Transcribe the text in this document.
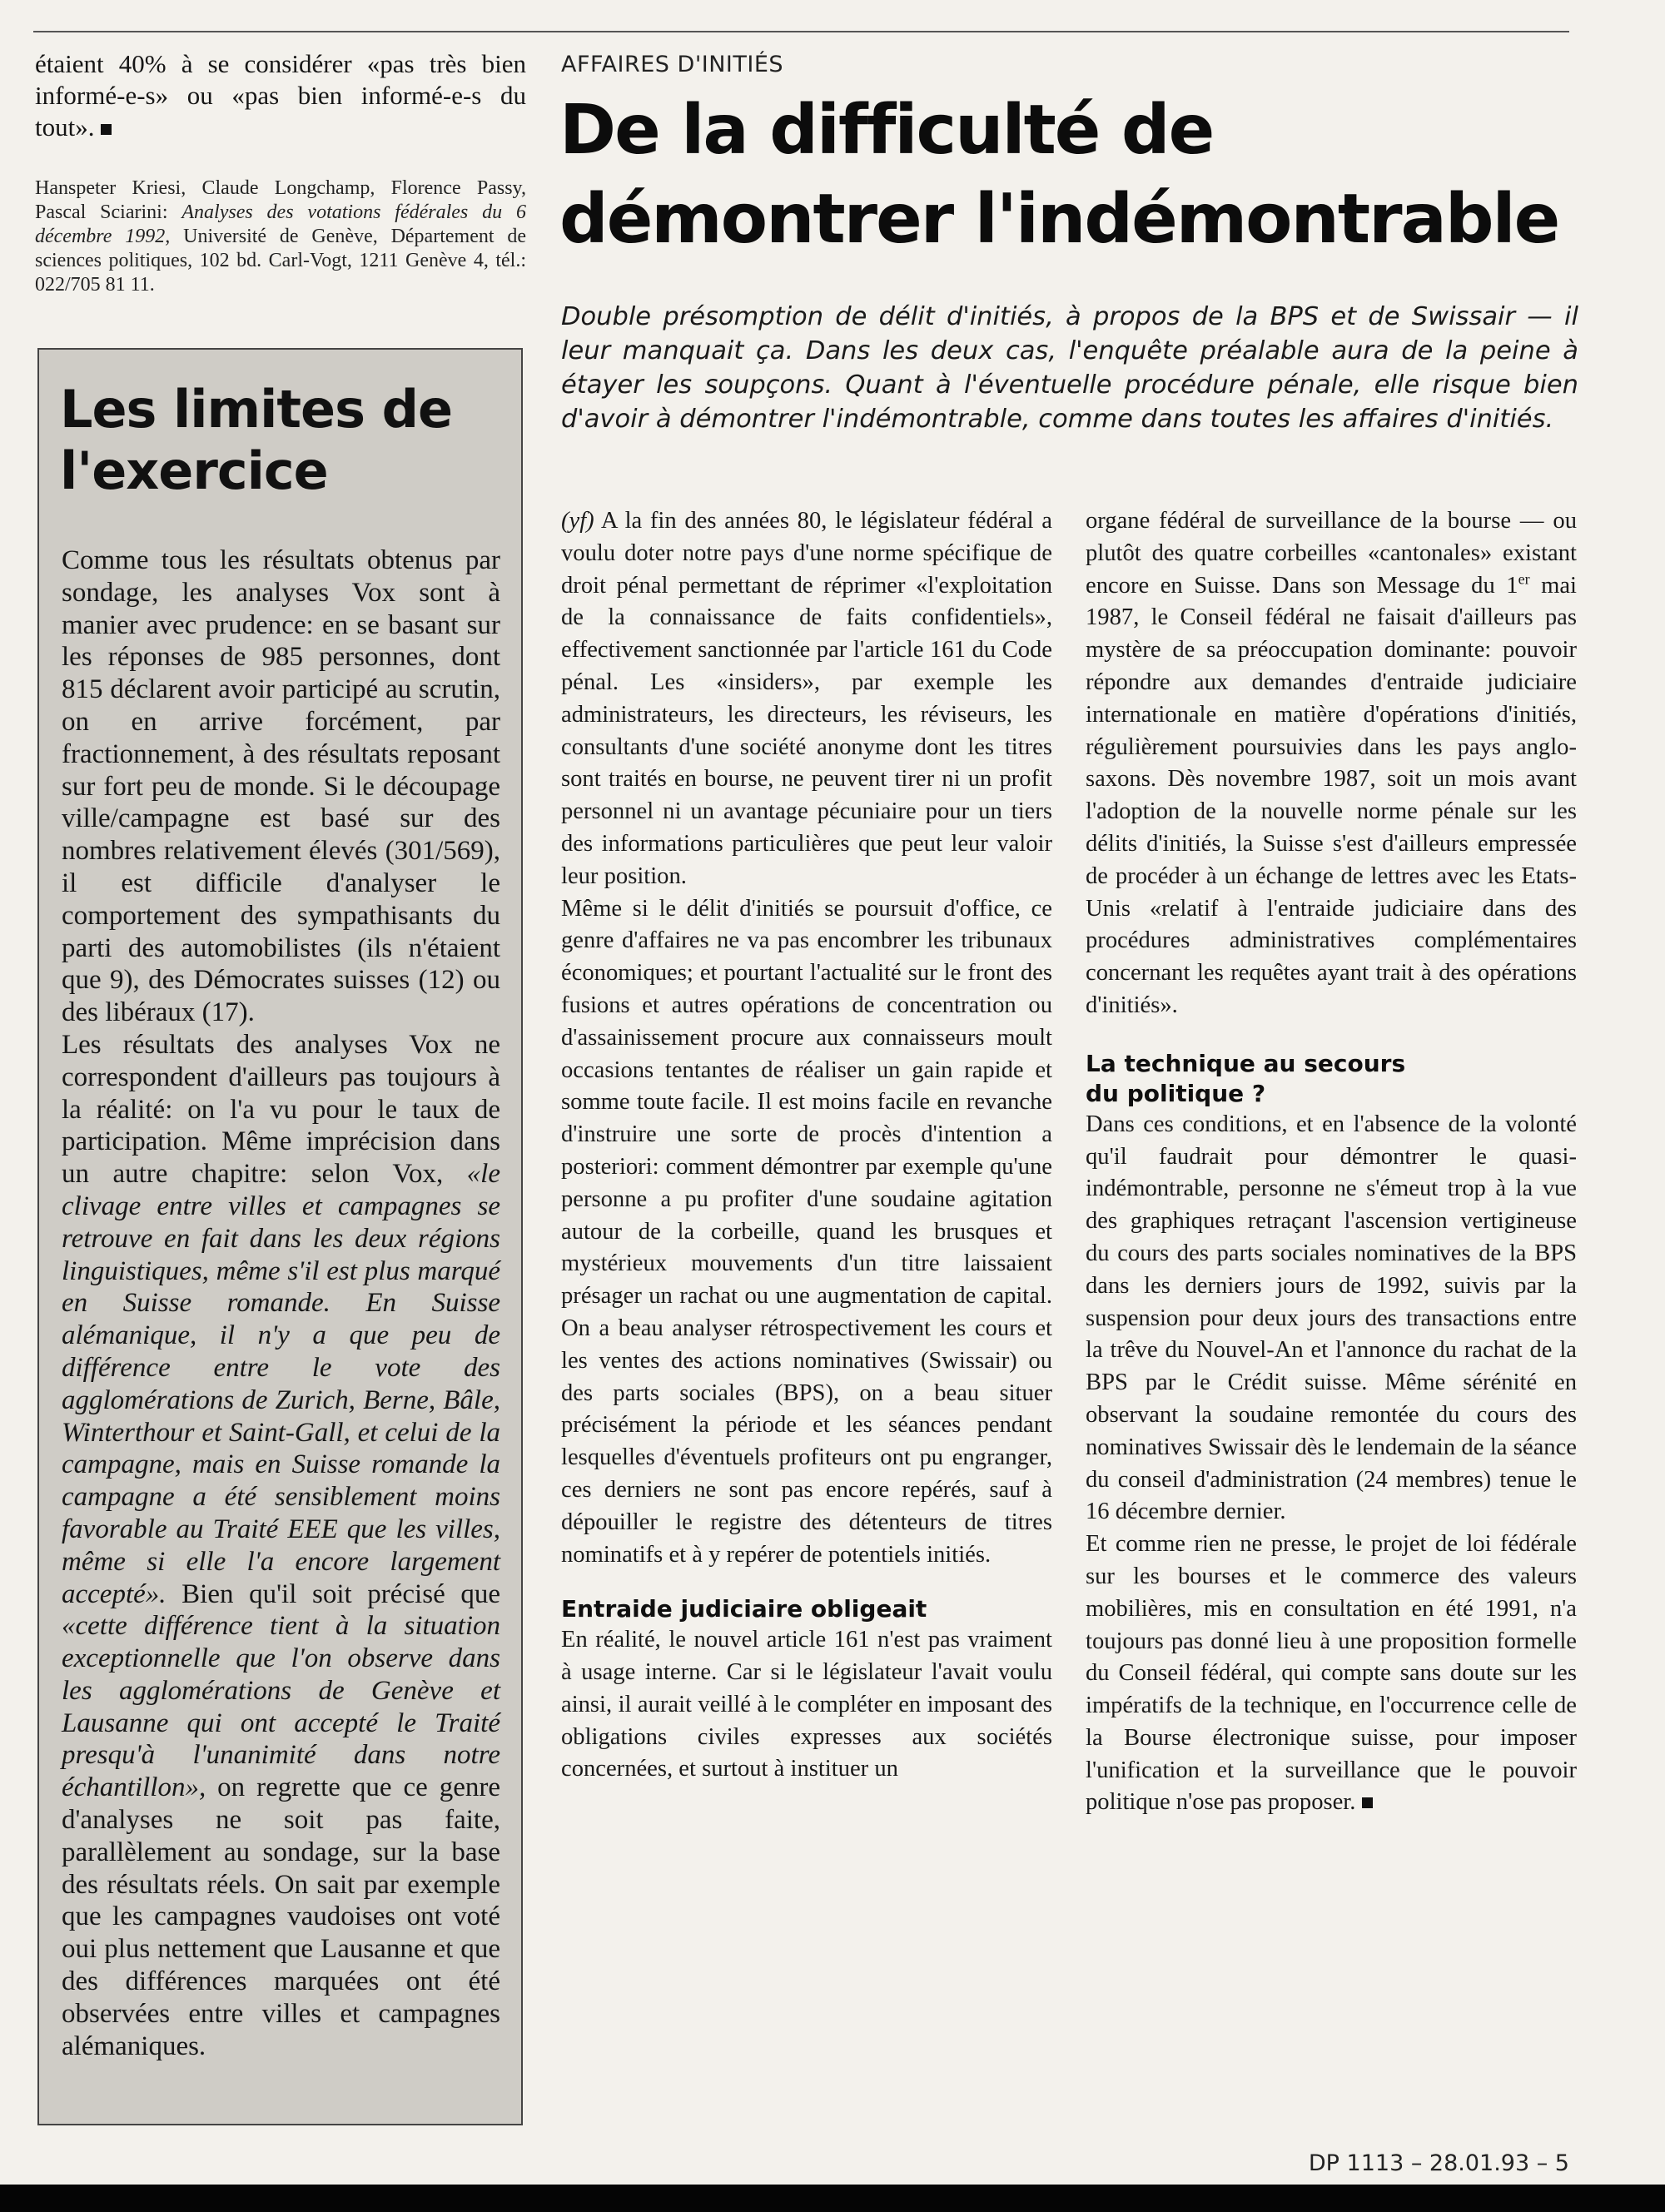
étaient 40% à se considérer «pas très bien informé-e-s» ou «pas bien informé-e-s du tout».
Hanspeter Kriesi, Claude Longchamp, Florence Passy, Pascal Sciarini: Analyses des votations fédérales du 6 décembre 1992, Université de Genève, Département de sciences politiques, 102 bd. Carl-Vogt, 1211 Genève 4, tél.: 022/705 81 11.
Les limites de l'exercice

Comme tous les résultats obtenus par sondage, les analyses Vox sont à manier avec prudence: en se basant sur les réponses de 985 personnes, dont 815 déclarent avoir participé au scrutin, on en arrive forcément, par fractionnement, à des résultats reposant sur fort peu de monde. Si le découpage ville/campagne est basé sur des nombres relativement élevés (301/569), il est difficile d'analyser le comportement des sympathisants du parti des automobilistes (ils n'étaient que 9), des Démocrates suisses (12) ou des libéraux (17).

Les résultats des analyses Vox ne correspondent d'ailleurs pas toujours à la réalité: on l'a vu pour le taux de participation. Même imprécision dans un autre chapitre: selon Vox, «le clivage entre villes et campagnes se retrouve en fait dans les deux régions linguistiques, même s'il est plus marqué en Suisse romande. En Suisse alémanique, il n'y a que peu de différence entre le vote des agglomérations de Zurich, Berne, Bâle, Winterthour et Saint-Gall, et celui de la campagne, mais en Suisse romande la campagne a été sensiblement moins favorable au Traité EEE que les villes, même si elle l'a encore largement accepté». Bien qu'il soit précisé que «cette différence tient à la situation exceptionnelle que l'on observe dans les agglomérations de Genève et Lausanne qui ont accepté le Traité presqu'à l'unanimité dans notre échantillon», on regrette que ce genre d'analyses ne soit pas faite, parallèlement au sondage, sur la base des résultats réels. On sait par exemple que les campagnes vaudoises ont voté oui plus nettement que Lausanne et que des différences marquées ont été observées entre villes et campagnes alémaniques.

AFFAIRES D'INITIÉS
De la difficulté de démontrer l'indémontrable
Double présomption de délit d'initiés, à propos de la BPS et de Swissair — il leur manquait ça. Dans les deux cas, l'enquête préalable aura de la peine à étayer les soupçons. Quant à l'éventuelle procédure pénale, elle risque bien d'avoir à démontrer l'indémontrable, comme dans toutes les affaires d'initiés.

(yf) A la fin des années 80, le législateur fédéral a voulu doter notre pays d'une norme spécifique de droit pénal permettant de réprimer «l'exploitation de la connaissance de faits confidentiels», effectivement sanctionnée par l'article 161 du Code pénal. Les «insiders», par exemple les administrateurs, les directeurs, les réviseurs, les consultants d'une société anonyme dont les titres sont traités en bourse, ne peuvent tirer ni un profit personnel ni un avantage pécuniaire pour un tiers des informations particulières que peut leur valoir leur position.

Même si le délit d'initiés se poursuit d'office, ce genre d'affaires ne va pas encombrer les tribunaux économiques; et pourtant l'actualité sur le front des fusions et autres opérations de concentration ou d'assainissement procure aux connaisseurs moult occasions tentantes de réaliser un gain rapide et somme toute facile. Il est moins facile en revanche d'instruire une sorte de procès d'intention a posteriori: comment démontrer par exemple qu'une personne a pu profiter d'une soudaine agitation autour de la corbeille, quand les brusques et mystérieux mouvements d'un titre laissaient présager un rachat ou une augmentation de capital. On a beau analyser rétrospectivement les cours et les ventes des actions nominatives (Swissair) ou des parts sociales (BPS), on a beau situer précisément la période et les séances pendant lesquelles d'éventuels profiteurs ont pu engranger, ces derniers ne sont pas encore repérés, sauf à dépouiller le registre des détenteurs de titres nominatifs et à y repérer de potentiels initiés.

Entraide judiciaire obligeait

En réalité, le nouvel article 161 n'est pas vraiment à usage interne. Car si le législateur l'avait voulu ainsi, il aurait veillé à le compléter en imposant des obligations civiles expresses aux sociétés concernées, et surtout à instituer un

organe fédéral de surveillance de la bourse — ou plutôt des quatre corbeilles «cantonales» existant encore en Suisse. Dans son Message du 1er mai 1987, le Conseil fédéral ne faisait d'ailleurs pas mystère de sa préoccupation dominante: pouvoir répondre aux demandes d'entraide judiciaire internationale en matière d'opérations d'initiés, régulièrement poursuivies dans les pays anglo-saxons. Dès novembre 1987, soit un mois avant l'adoption de la nouvelle norme pénale sur les délits d'initiés, la Suisse s'est d'ailleurs empressée de procéder à un échange de lettres avec les Etats-Unis «relatif à l'entraide judiciaire dans des procédures administratives complémentaires concernant les requêtes ayant trait à des opérations d'initiés».

La technique au secours
du politique ?

Dans ces conditions, et en l'absence de la volonté qu'il faudrait pour démontrer le quasi-indémontrable, personne ne s'émeut trop à la vue des graphiques retraçant l'ascension vertigineuse du cours des parts sociales nominatives de la BPS dans les derniers jours de 1992, suivis par la suspension pour deux jours des transactions entre la trêve du Nouvel-An et l'annonce du rachat de la BPS par le Crédit suisse. Même sérénité en observant la soudaine remontée du cours des nominatives Swissair dès le lendemain de la séance du conseil d'administration (24 membres) tenue le 16 décembre dernier.

Et comme rien ne presse, le projet de loi fédérale sur les bourses et le commerce des valeurs mobilières, mis en consultation en été 1991, n'a toujours pas donné lieu à une proposition formelle du Conseil fédéral, qui compte sans doute sur les impératifs de la technique, en l'occurrence celle de la Bourse électronique suisse, pour imposer l'unification et la surveillance que le pouvoir politique n'ose pas proposer.

DP 1113 – 28.01.93 – 5
